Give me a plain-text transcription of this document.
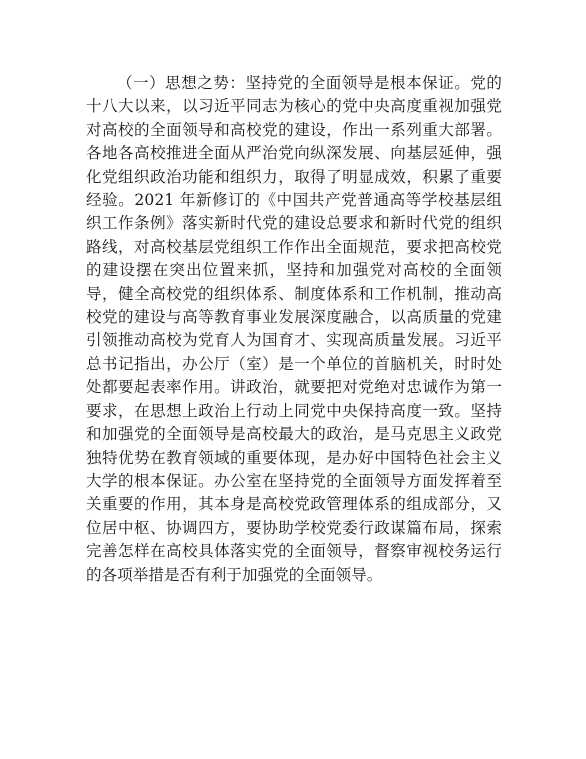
（一）思想之势：坚持党的全面领导是根本保证。党的十八大以来，以习近平同志为核心的党中央高度重视加强党对高校的全面领导和高校党的建设，作出一系列重大部署。各地各高校推进全面从严治党向纵深发展、向基层延伸，强化党组织政治功能和组织力，取得了明显成效，积累了重要经验。2021 年新修订的《中国共产党普通高等学校基层组织工作条例》落实新时代党的建设总要求和新时代党的组织路线，对高校基层党组织工作作出全面规范，要求把高校党的建设摆在突出位置来抓，坚持和加强党对高校的全面领导，健全高校党的组织体系、制度体系和工作机制，推动高校党的建设与高等教育事业发展深度融合，以高质量的党建引领推动高校为党育人为国育才、实现高质量发展。习近平总书记指出，办公厅（室）是一个单位的首脑机关，时时处处都要起表率作用。讲政治，就要把对党绝对忠诚作为第一要求，在思想上政治上行动上同党中央保持高度一致。坚持和加强党的全面领导是高校最大的政治，是马克思主义政党独特优势在教育领域的重要体现，是办好中国特色社会主义大学的根本保证。办公室在坚持党的全面领导方面发挥着至关重要的作用，其本身是高校党政管理体系的组成部分，又位居中枢、协调四方，要协助学校党委行政谋篇布局，探索完善怎样在高校具体落实党的全面领导，督察审视校务运行的各项举措是否有利于加强党的全面领导。
